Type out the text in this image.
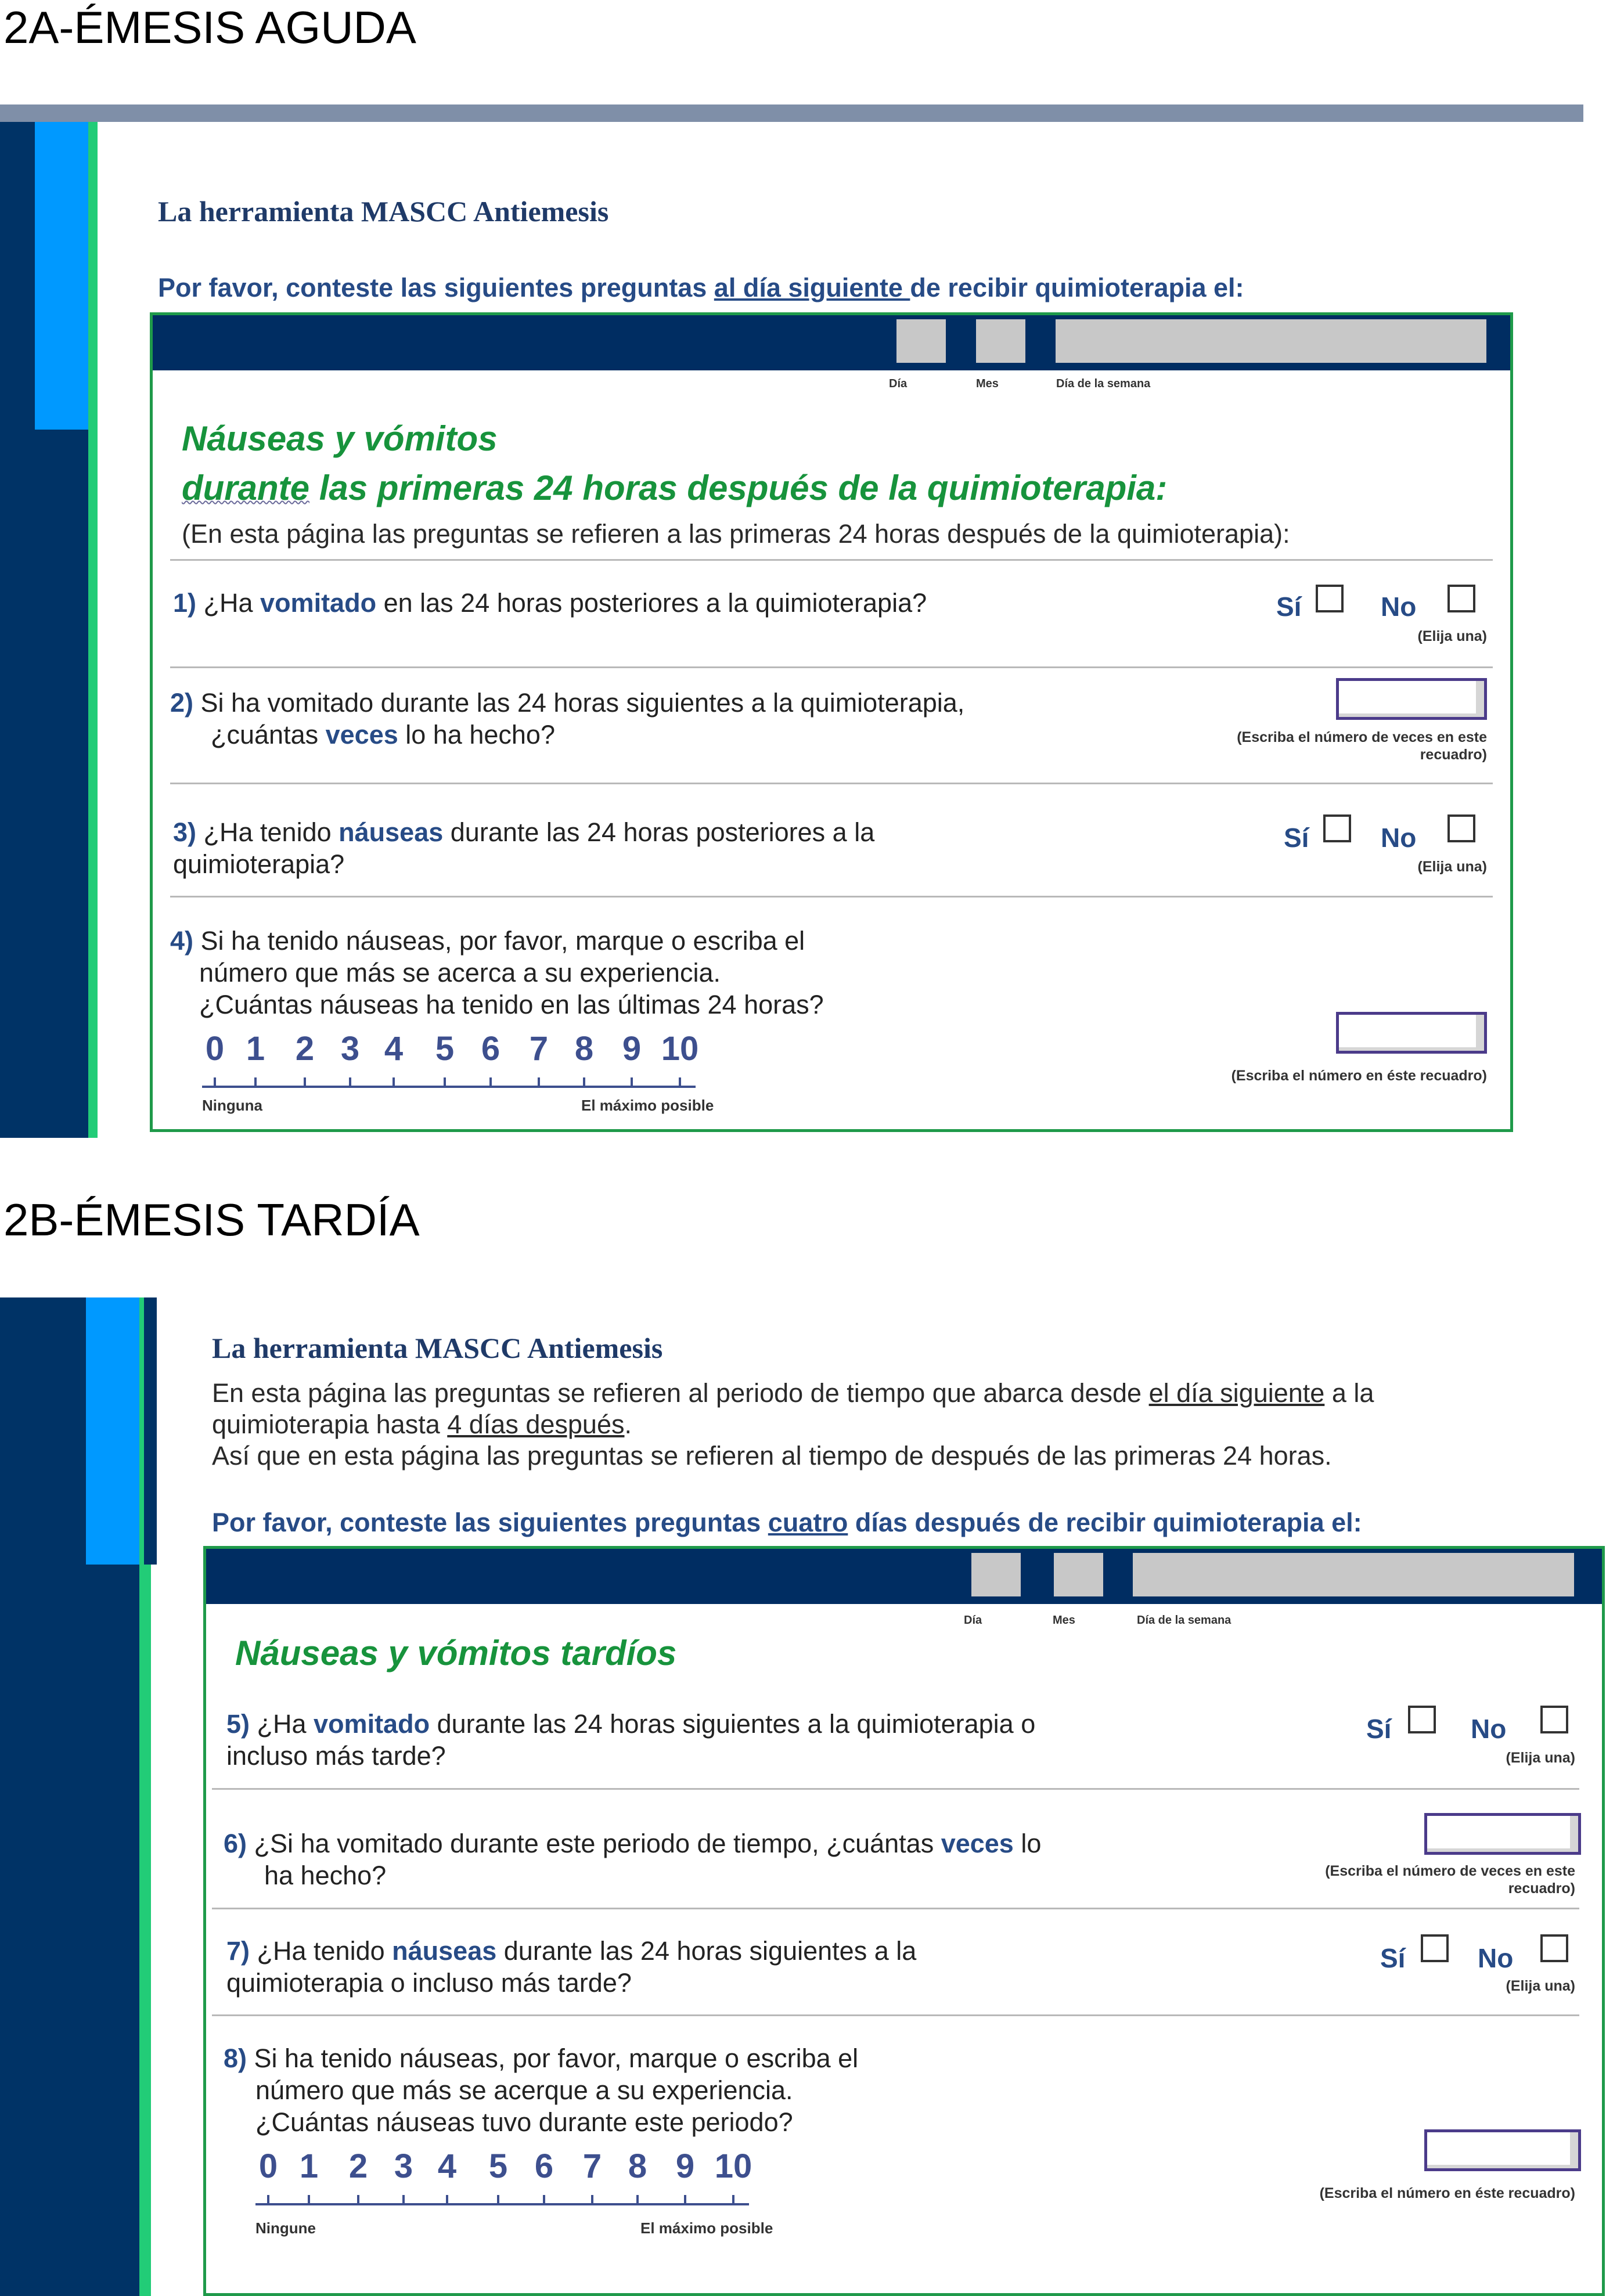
2A-ÉMESIS AGUDA
La herramienta MASCC Antiemesis
Por favor, conteste las siguientes preguntas al día siguiente de recibir quimioterapia el:
Día	Mes	Día de la semana
Náuseas y vómitos
durante las primeras 24 horas después de la quimioterapia:
(En esta página las preguntas se refieren a las primeras 24 horas después de la quimioterapia):
1) ¿Ha vomitado en las 24 horas posteriores a la quimioterapia?	Sí	No
(Elija una)
2) Si ha vomitado durante las 24 horas siguientes a la quimioterapia,
¿cuántas veces lo ha hecho?	(Escriba el número de veces en este
recuadro)
3) ¿Ha tenido náuseas durante las 24 horas posteriores a la
quimioterapia?
Sí	No
(Elija una)
4) Si ha tenido náuseas, por favor, marque o escriba el
número que más se acerca a su experiencia.
¿Cuántas náuseas ha tenido en las últimas 24 horas?
0 1 2 3 4 5 6 7 8 9 10
Ninguna	El máximo posible
(Escriba el número en éste recuadro)
2B-ÉMESIS TARDÍA
La herramienta MASCC Antiemesis
En esta página las preguntas se refieren al periodo de tiempo que abarca desde el día siguiente a la
quimioterapia hasta 4 días después.
Así que en esta página las preguntas se refieren al tiempo de después de las primeras 24 horas.
Por favor, conteste las siguientes preguntas cuatro días después de recibir quimioterapia el:
Día	Mes	Día de la semana
Náuseas y vómitos tardíos
5) ¿Ha vomitado durante las 24 horas siguientes a la quimioterapia o
incluso más tarde?
Sí	No
(Elija una)
6) ¿Si ha vomitado durante este periodo de tiempo, ¿cuántas veces lo
ha hecho?	(Escriba el número de veces en este
recuadro)
7) ¿Ha tenido náuseas durante las 24 horas siguientes a la
quimioterapia o incluso más tarde?
Sí	No
(Elija una)
8) Si ha tenido náuseas, por favor, marque o escriba el
número que más se acerque a su experiencia.
¿Cuántas náuseas tuvo durante este periodo?
0 1 2 3 4 5 6 7 8 9 10
Ningune	El máximo posible
(Escriba el número en éste recuadro)
